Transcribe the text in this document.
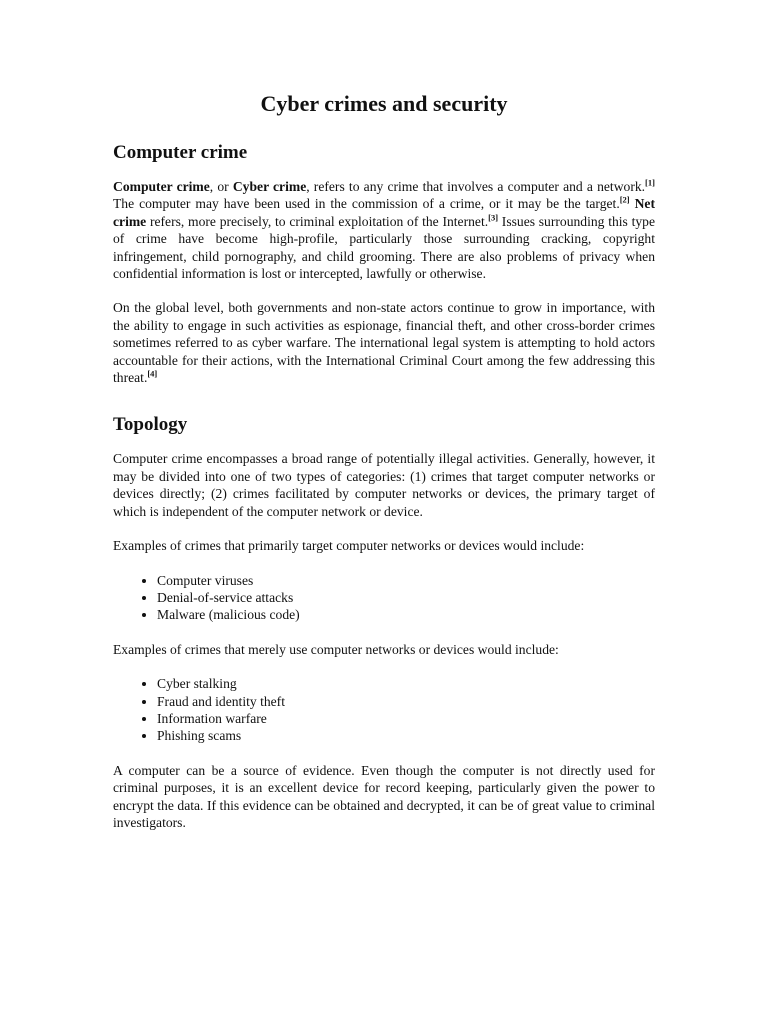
Cyber crimes and security
Computer crime

Computer crime, or Cyber crime, refers to any crime that involves a computer and a network.[1] The computer may have been used in the commission of a crime, or it may be the target.[2] Net crime refers, more precisely, to criminal exploitation of the Internet.[3] Issues surrounding this type of crime have become high-profile, particularly those surrounding cracking, copyright infringement, child pornography, and child grooming. There are also problems of privacy when confidential information is lost or intercepted, lawfully or otherwise.

On the global level, both governments and non-state actors continue to grow in importance, with the ability to engage in such activities as espionage, financial theft, and other cross-border crimes sometimes referred to as cyber warfare. The international legal system is attempting to hold actors accountable for their actions, with the International Criminal Court among the few addressing this threat.[4]

Topology

Computer crime encompasses a broad range of potentially illegal activities. Generally, however, it may be divided into one of two types of categories: (1) crimes that target computer networks or devices directly; (2) crimes facilitated by computer networks or devices, the primary target of which is independent of the computer network or device.

Examples of crimes that primarily target computer networks or devices would include:

• Computer viruses
• Denial-of-service attacks
• Malware (malicious code)

Examples of crimes that merely use computer networks or devices would include:

• Cyber stalking
• Fraud and identity theft
• Information warfare
• Phishing scams

A computer can be a source of evidence. Even though the computer is not directly used for criminal purposes, it is an excellent device for record keeping, particularly given the power to encrypt the data. If this evidence can be obtained and decrypted, it can be of great value to criminal investigators.
